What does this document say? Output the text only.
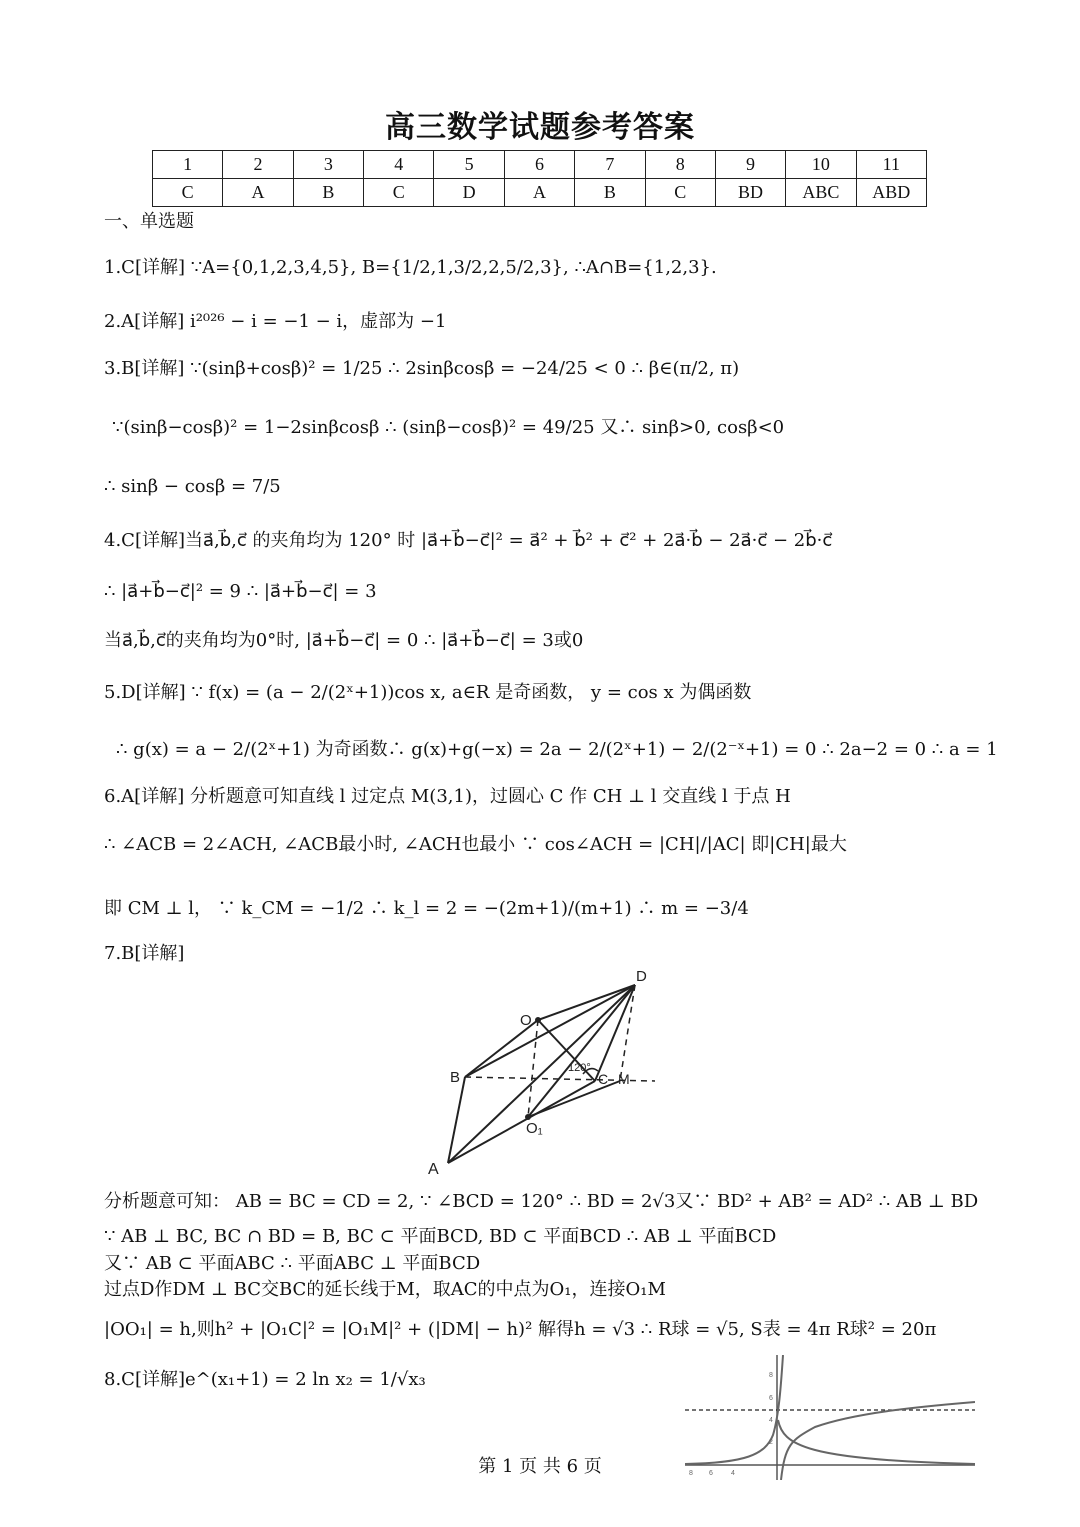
高三数学试题参考答案
1	2	3	4	5	6	7	8	9	10	11
C	A	B	C	D	A	B	C	BD	ABC	ABD
一、单选题
1.C[详解] ∵A={0,1,2,3,4,5}, B={1/2,1,3/2,2,5/2,3}, ∴A∩B={1,2,3}.
2.A[详解] i²⁰²⁶ − i = −1 − i，虚部为 −1
3.B[详解] ∵(sinβ+cosβ)² = 1/25 ∴ 2sinβcosβ = −24/25 < 0 ∴ β∈(π/2, π)
∵(sinβ−cosβ)² = 1−2sinβcosβ ∴ (sinβ−cosβ)² = 49/25 又∴ sinβ>0, cosβ<0
∴ sinβ − cosβ = 7/5
4.C[详解]当a⃗,b⃗,c⃗ 的夹角均为 120° 时 |a⃗+b⃗−c⃗|² = a⃗² + b⃗² + c⃗² + 2a⃗·b⃗ − 2a⃗·c⃗ − 2b⃗·c⃗
∴ |a⃗+b⃗−c⃗|² = 9 ∴ |a⃗+b⃗−c⃗| = 3
当a⃗,b⃗,c⃗的夹角均为0°时, |a⃗+b⃗−c⃗| = 0 ∴ |a⃗+b⃗−c⃗| = 3或0
5.D[详解] ∵ f(x) = (a − 2/(2ˣ+1))cos x, a∈R 是奇函数， y = cos x 为偶函数
∴ g(x) = a − 2/(2ˣ+1) 为奇函数∴ g(x)+g(−x) = 2a − 2/(2ˣ+1) − 2/(2⁻ˣ+1) = 0 ∴ 2a−2 = 0 ∴ a = 1
6.A[详解] 分析题意可知直线 l 过定点 M(3,1)，过圆心 C 作 CH ⊥ l 交直线 l 于点 H
∴ ∠ACB = 2∠ACH, ∠ACB最小时, ∠ACH也最小 ∵ cos∠ACH = |CH|/|AC| 即|CH|最大
即 CM ⊥ l， ∵ k_CM = −1/2 ∴ k_l = 2 = −(2m+1)/(m+1) ∴ m = −3/4
7.B[详解]
D
O
B	C M
O₁
A
120°
分析题意可知： AB = BC = CD = 2, ∵ ∠BCD = 120° ∴ BD = 2√3又∵ BD² + AB² = AD² ∴ AB ⊥ BD
∵ AB ⊥ BC, BC ∩ BD = B, BC ⊂ 平面BCD, BD ⊂ 平面BCD ∴ AB ⊥ 平面BCD
又∵ AB ⊂ 平面ABC ∴ 平面ABC ⊥ 平面BCD
过点D作DM ⊥ BC交BC的延长线于M，取AC的中点为O₁，连接O₁M
|OO₁| = h,则h² + |O₁C|² = |O₁M|² + (|DM| − h)² 解得h = √3 ∴ R球 = √5, S表 = 4π R球² = 20π
8.C[详解]e^(x₁+1) = 2 ln x₂ = 1/√x₃	8
6
4
2
8 6	4
第 1 页 共 6 页
